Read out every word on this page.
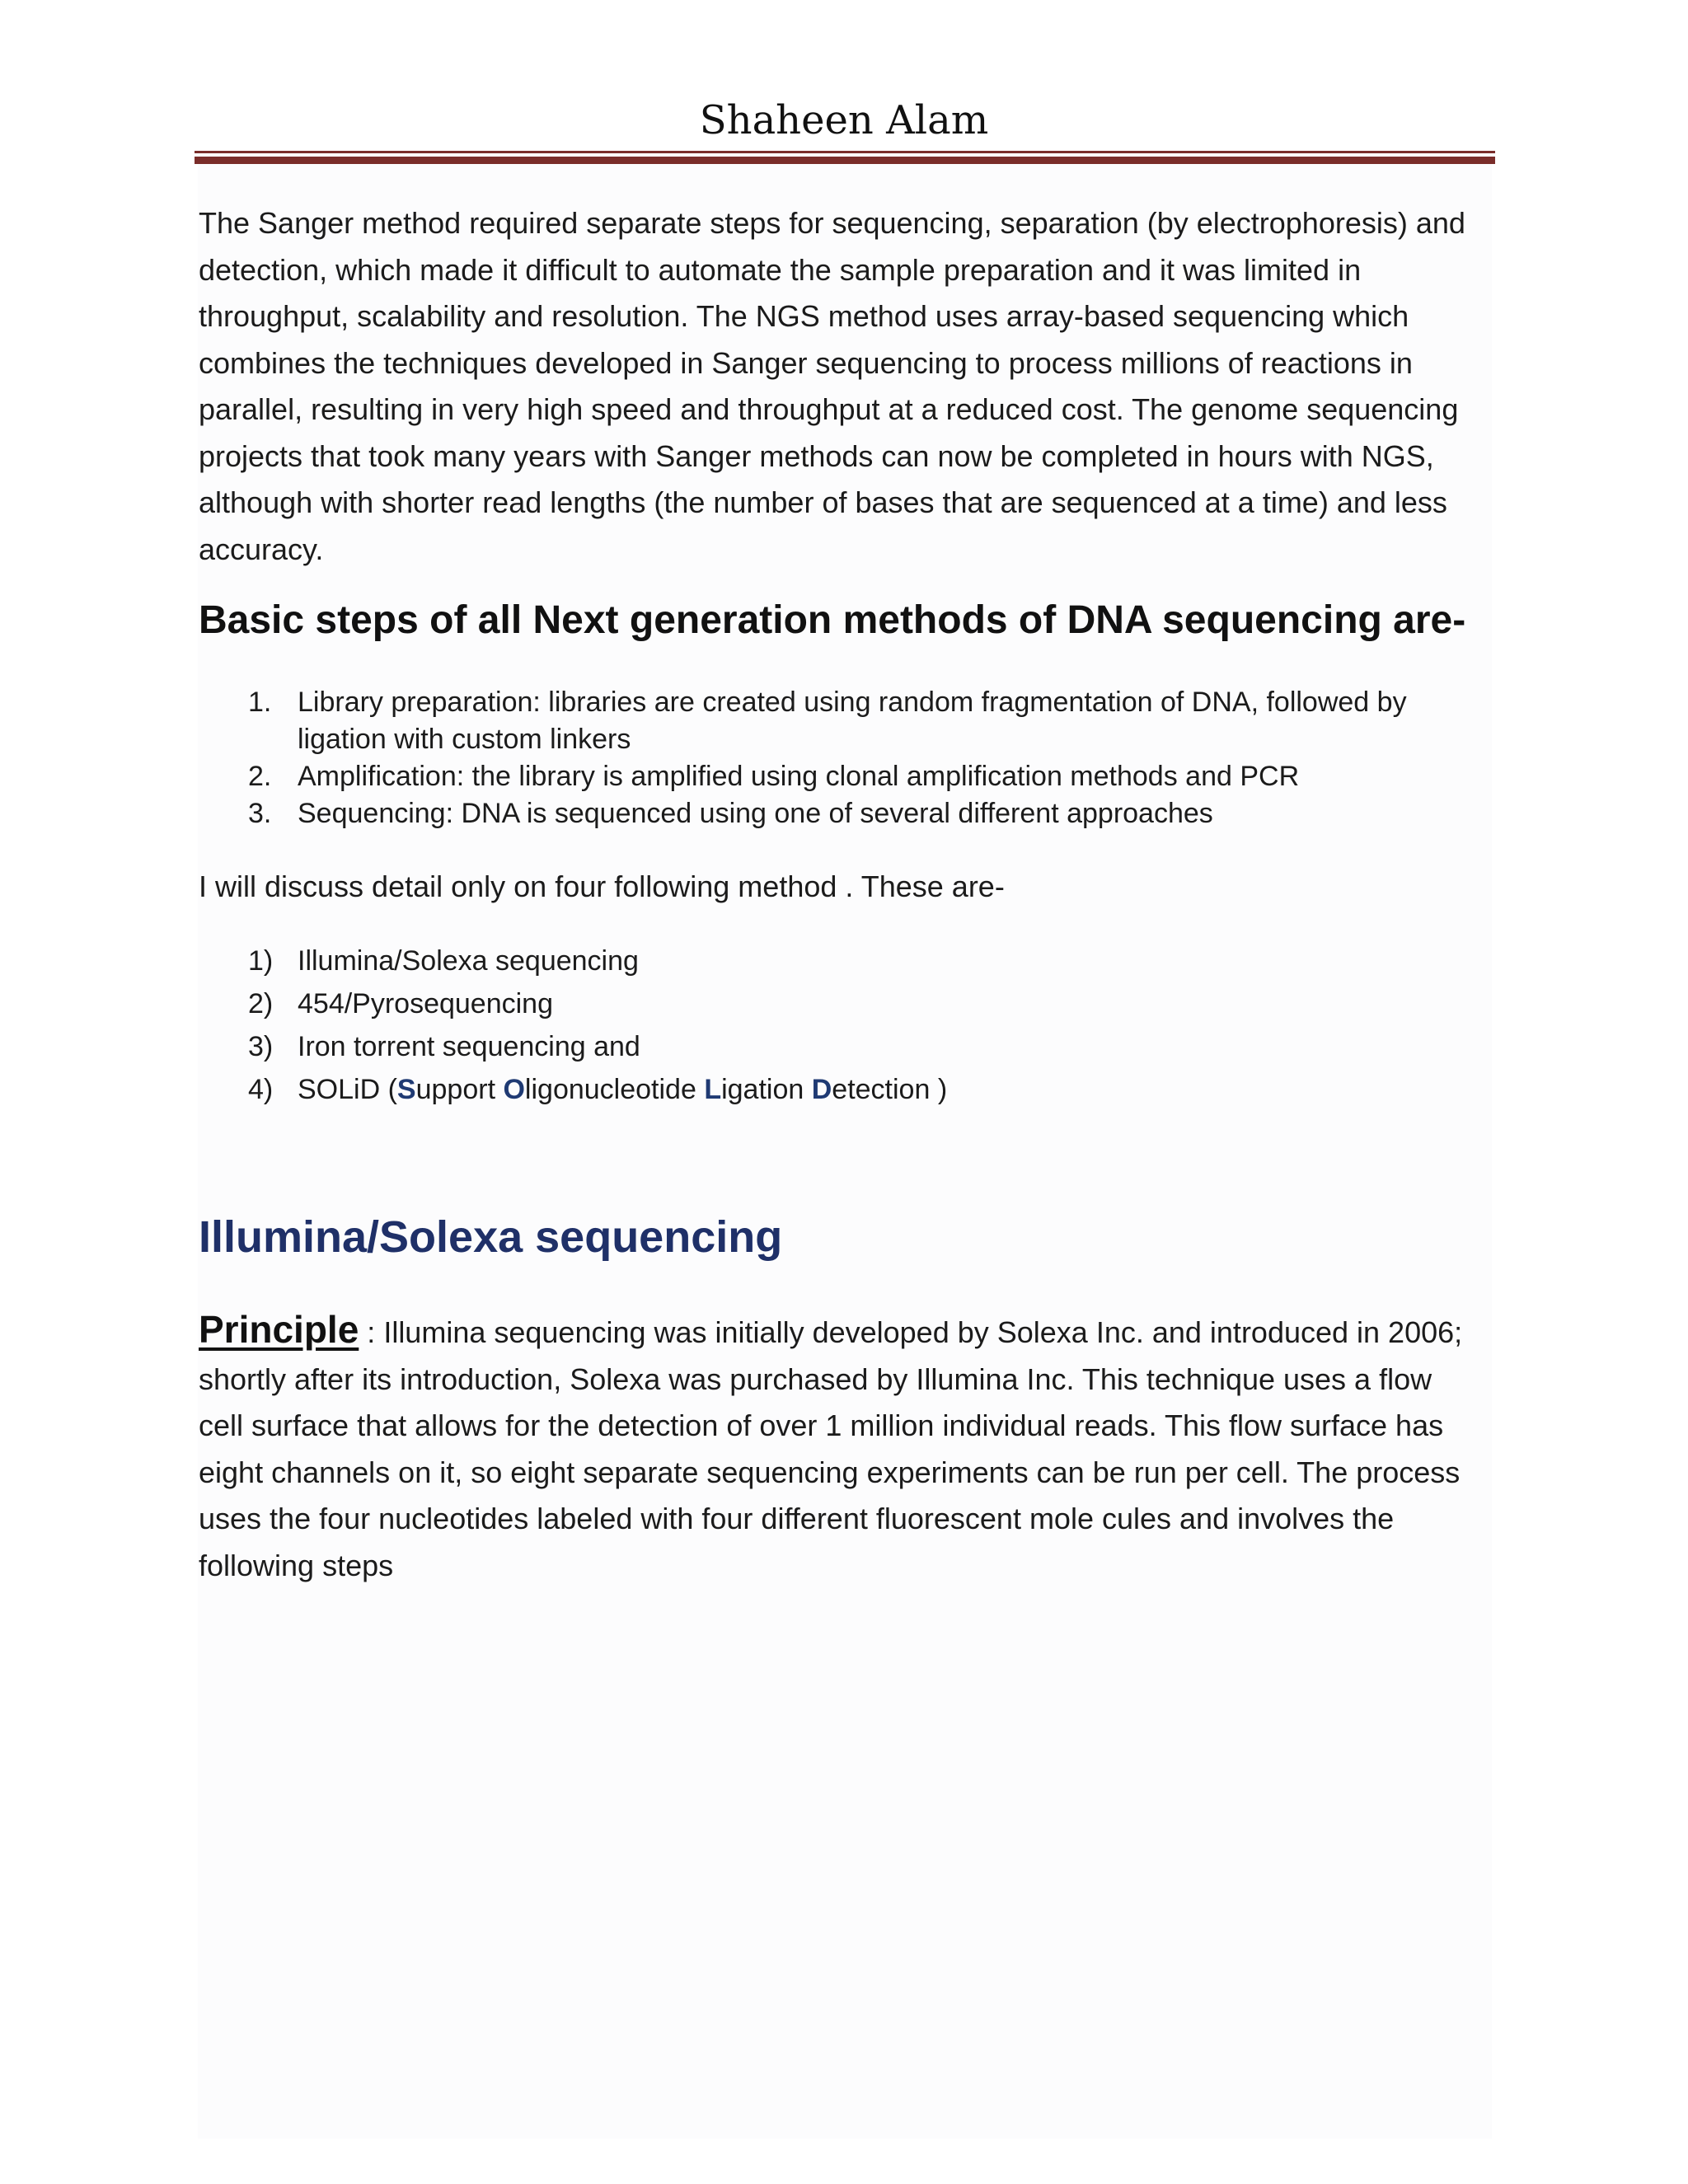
Shaheen Alam
The Sanger method required separate steps for sequencing, separation (by electrophoresis) and
detection, which made it difficult to automate the sample preparation and it was limited in
throughput, scalability and resolution. The NGS method uses array-based sequencing which
combines the techniques developed in Sanger sequencing to process millions of reactions in
parallel, resulting in very high speed and throughput at a reduced cost. The genome sequencing
projects that took many years with Sanger methods can now be completed in hours with NGS,
although with shorter read lengths (the number of bases that are sequenced at a time) and less
accuracy.
Basic steps of all Next generation methods of DNA sequencing are-
1. Library preparation: libraries are created using random fragmentation of DNA, followed by ligation with custom linkers
2. Amplification: the library is amplified using clonal amplification methods and PCR
3. Sequencing: DNA is sequenced using one of several different approaches
I will discuss detail only on four following method . These are-
1) Illumina/Solexa sequencing
2) 454/Pyrosequencing
3) Iron torrent sequencing and
4) SOLiD (Support Oligonucleotide Ligation Detection )
Illumina/Solexa sequencing
Principle : Illumina sequencing was initially developed by Solexa Inc. and introduced in 2006;
shortly after its introduction, Solexa was purchased by Illumina Inc. This technique uses a flow
cell surface that allows for the detection of over 1 million individual reads. This flow surface has
eight channels on it, so eight separate sequencing experiments can be run per cell. The process
uses the four nucleotides labeled with four different fluorescent mole cules and involves the
following steps
